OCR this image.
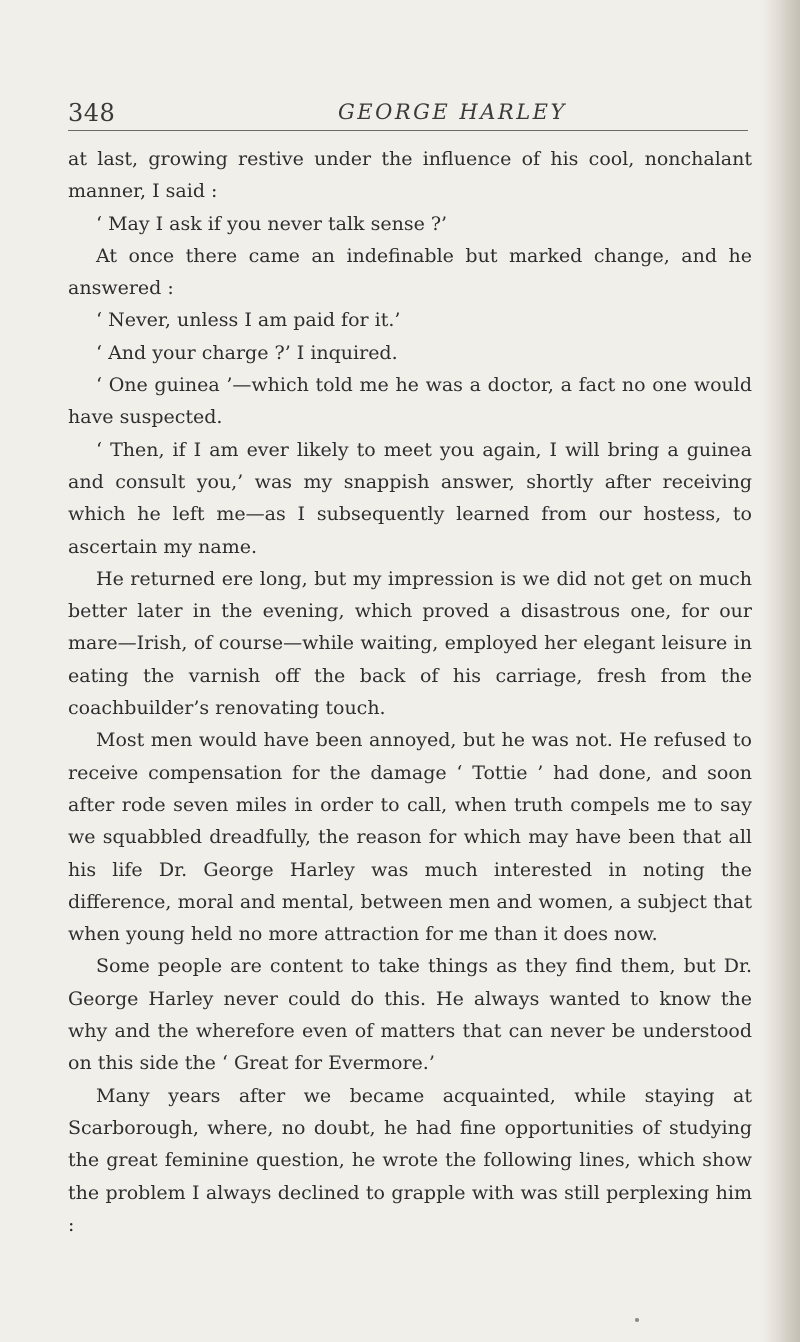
348	GEORGE HARLEY

at last, growing restive under the influence of his cool, nonchalant manner, I said :

‘ May I ask if you never talk sense ?’

At once there came an indefinable but marked change, and he answered :

‘ Never, unless I am paid for it.’

‘ And your charge ?’ I inquired.

‘ One guinea ’—which told me he was a doctor, a fact no one would have suspected.

‘ Then, if I am ever likely to meet you again, I will bring a guinea and consult you,’ was my snappish answer, shortly after receiving which he left me—as I subsequently learned from our hostess, to ascertain my name.

He returned ere long, but my impression is we did not get on much better later in the evening, which proved a disastrous one, for our mare—Irish, of course—while waiting, employed her elegant leisure in eating the varnish off the back of his carriage, fresh from the coachbuilder’s renovating touch.

Most men would have been annoyed, but he was not. He refused to receive compensation for the damage ‘ Tottie ’ had done, and soon after rode seven miles in order to call, when truth compels me to say we squabbled dreadfully, the reason for which may have been that all his life Dr. George Harley was much interested in noting the difference, moral and mental, between men and women, a subject that when young held no more attraction for me than it does now.

Some people are content to take things as they find them, but Dr. George Harley never could do this. He always wanted to know the why and the wherefore even of matters that can never be understood on this side the ‘ Great for Evermore.’

Many years after we became acquainted, while staying at Scarborough, where, no doubt, he had fine opportunities of studying the great feminine question, he wrote the following lines, which show the problem I always declined to grapple with was still perplexing him :
